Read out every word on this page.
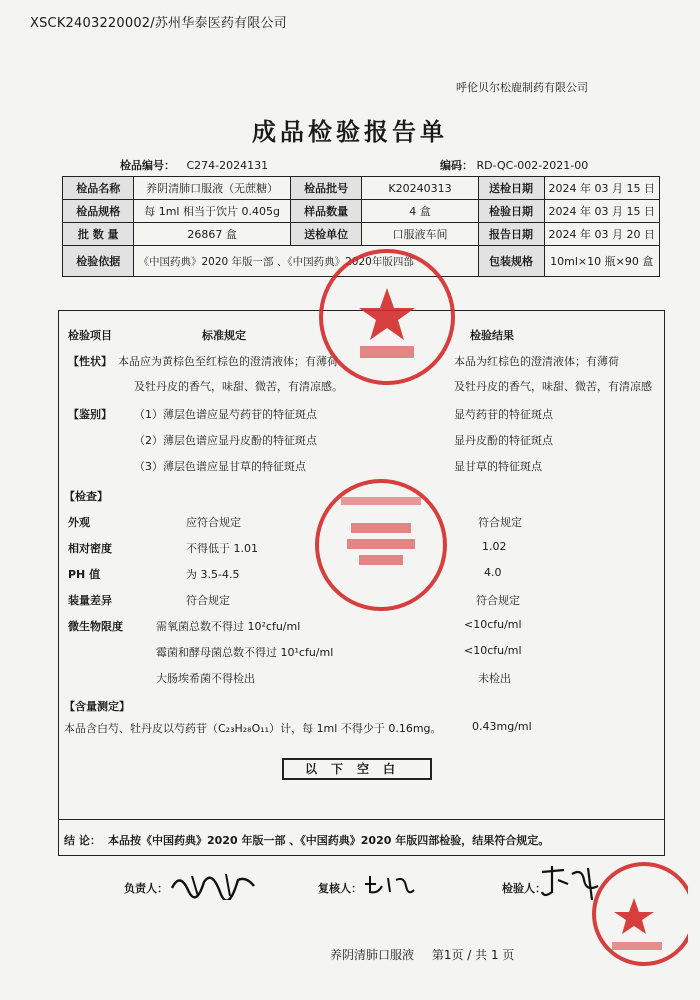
XSCK2403220002/苏州华泰医药有限公司
呼伦贝尔松鹿制药有限公司
成品检验报告单
检品编号： C274-2024131	编码： RD-QC-002-2021-00
检品名称	养阴清肺口服液（无蔗糖）	检品批号	K20240313	送检日期	2024 年 03 月 15 日
检品规格	每 1ml 相当于饮片 0.405g	样品数量	4 盒	检验日期	2024 年 03 月 15 日
批 数 量	26867 盒	送检单位	口服液车间	报告日期	2024 年 03 月 20 日
检验依据	《中国药典》2020 年版一部 、《中国药典》2020年版四部			包装规格	10ml×10 瓶×90 盒
检验项目	标准规定	检验结果
【性状】 本品应为黄棕色至红棕色的澄清液体；有薄荷	本品为红棕色的澄清液体；有薄荷
及牡丹皮的香气，味甜、微苦，有清凉感。	及牡丹皮的香气，味甜、微苦，有清凉感
【鉴别】 （1）薄层色谱应显芍药苷的特征斑点	显芍药苷的特征斑点
（2）薄层色谱应显丹皮酚的特征斑点	显丹皮酚的特征斑点
（3）薄层色谱应显甘草的特征斑点	显甘草的特征斑点
【检查】
外观	应符合规定	符合规定
相对密度	不得低于 1.01	1.02
PH 值	为 3.5-4.5	4.0
装量差异	符合规定	符合规定
微生物限度	需氧菌总数不得过 10²cfu/ml	<10cfu/ml
霉菌和酵母菌总数不得过 10¹cfu/ml	<10cfu/ml
大肠埃希菌不得检出	未检出
【含量测定】
本品含白芍、牡丹皮以芍药苷（C₂₃H₂₈O₁₁）计，每 1ml 不得少于 0.16mg。	0.43mg/ml
以下空白
结 论： 本品按《中国药典》2020 年版一部 、《中国药典》2020 年版四部检验，结果符合规定。
负责人：	复核人：	检验人：
养阴清肺口服液 第1页 / 共 1 页
